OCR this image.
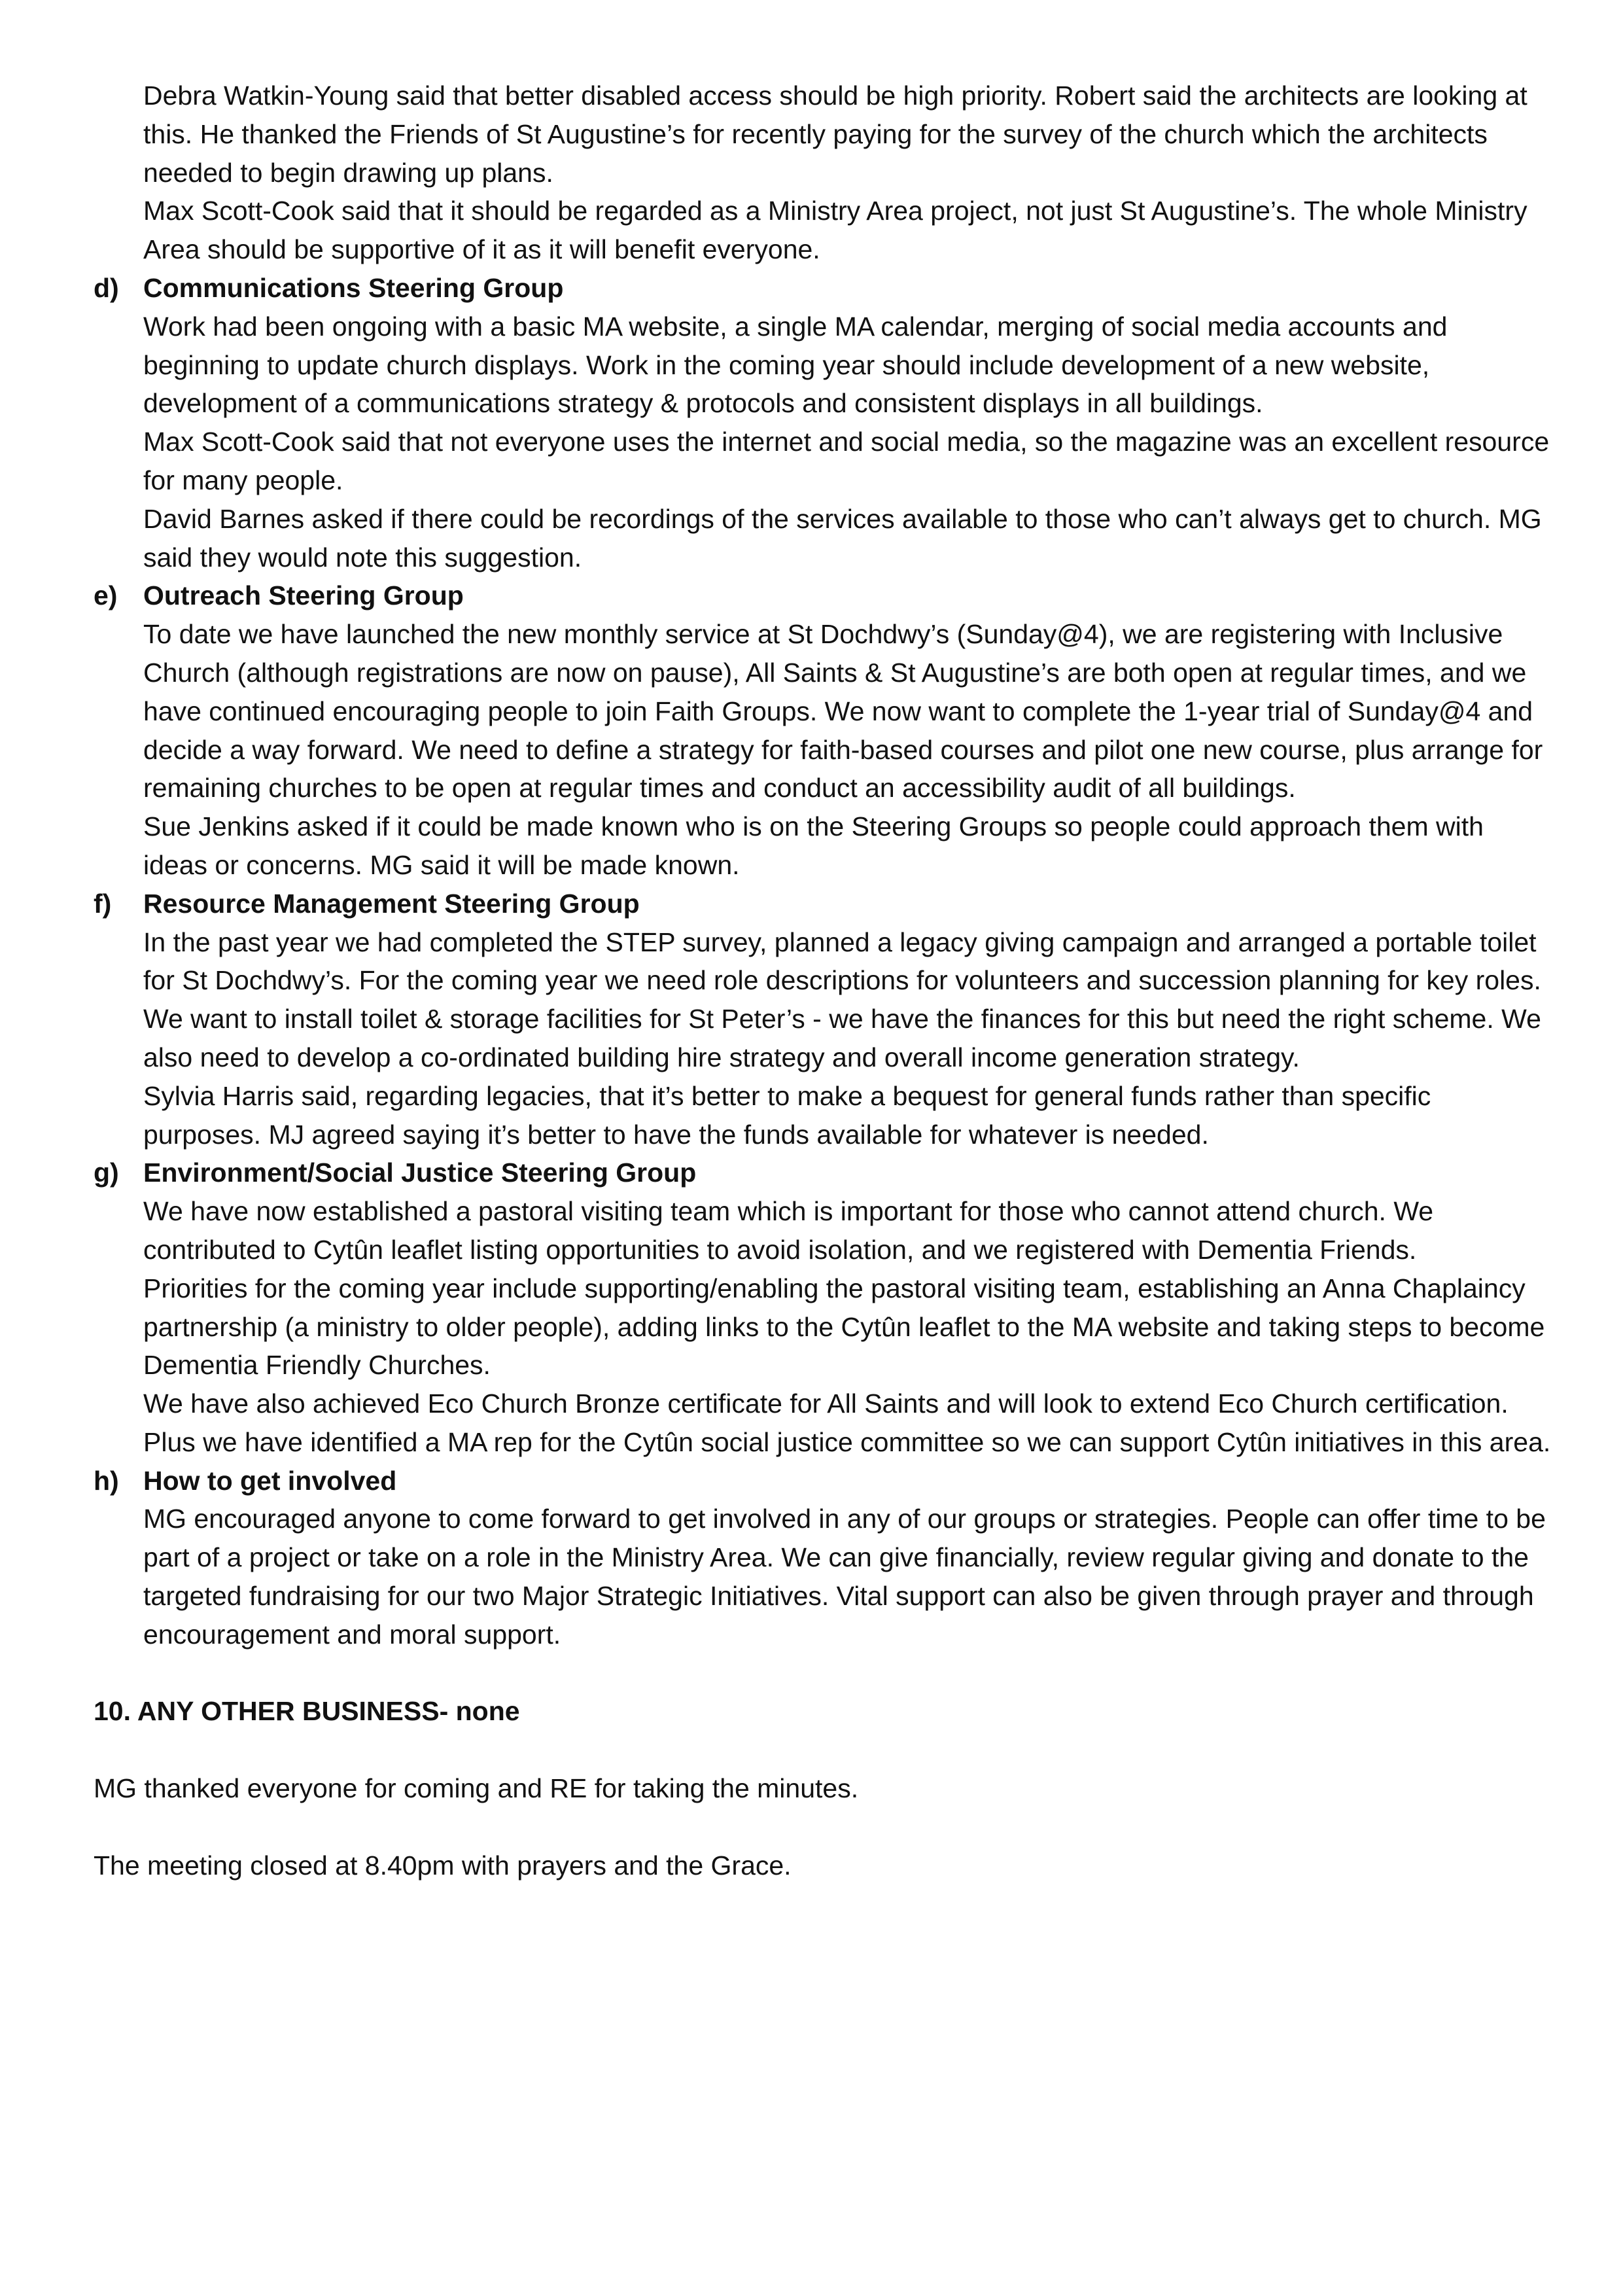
Debra Watkin-Young said that better disabled access should be high priority. Robert said the architects are looking at this. He thanked the Friends of St Augustine’s for recently paying for the survey of the church which the architects needed to begin drawing up plans.

Max Scott-Cook said that it should be regarded as a Ministry Area project, not just St Augustine’s. The whole Ministry Area should be supportive of it as it will benefit everyone.

d) Communications Steering Group

Work had been ongoing with a basic MA website, a single MA calendar, merging of social media accounts and beginning to update church displays. Work in the coming year should include development of a new website, development of a communications strategy & protocols and consistent displays in all buildings.

Max Scott-Cook said that not everyone uses the internet and social media, so the magazine was an excellent resource for many people.

David Barnes asked if there could be recordings of the services available to those who can’t always get to church. MG said they would note this suggestion.

e) Outreach Steering Group

To date we have launched the new monthly service at St Dochdwy’s (Sunday@4), we are registering with Inclusive Church (although registrations are now on pause), All Saints & St Augustine’s are both open at regular times, and we have continued encouraging people to join Faith Groups. We now want to complete the 1-year trial of Sunday@4 and decide a way forward. We need to define a strategy for faith-based courses and pilot one new course, plus arrange for remaining churches to be open at regular times and conduct an accessibility audit of all buildings.

Sue Jenkins asked if it could be made known who is on the Steering Groups so people could approach them with ideas or concerns. MG said it will be made known.

f) Resource Management Steering Group

In the past year we had completed the STEP survey, planned a legacy giving campaign and arranged a portable toilet for St Dochdwy’s. For the coming year we need role descriptions for volunteers and succession planning for key roles. We want to install toilet & storage facilities for St Peter’s - we have the finances for this but need the right scheme. We also need to develop a co-ordinated building hire strategy and overall income generation strategy.

Sylvia Harris said, regarding legacies, that it’s better to make a bequest for general funds rather than specific purposes. MJ agreed saying it’s better to have the funds available for whatever is needed.

g) Environment/Social Justice Steering Group

We have now established a pastoral visiting team which is important for those who cannot attend church. We contributed to Cytûn leaflet listing opportunities to avoid isolation, and we registered with Dementia Friends.

Priorities for the coming year include supporting/enabling the pastoral visiting team, establishing an Anna Chaplaincy partnership (a ministry to older people), adding links to the Cytûn leaflet to the MA website and taking steps to become Dementia Friendly Churches.

We have also achieved Eco Church Bronze certificate for All Saints and will look to extend Eco Church certification. Plus we have identified a MA rep for the Cytûn social justice committee so we can support Cytûn initiatives in this area.

h) How to get involved

MG encouraged anyone to come forward to get involved in any of our groups or strategies. People can offer time to be part of a project or take on a role in the Ministry Area. We can give financially, review regular giving and donate to the targeted fundraising for our two Major Strategic Initiatives. Vital support can also be given through prayer and through encouragement and moral support.

10. ANY OTHER BUSINESS- none

MG thanked everyone for coming and RE for taking the minutes.

The meeting closed at 8.40pm with prayers and the Grace.
